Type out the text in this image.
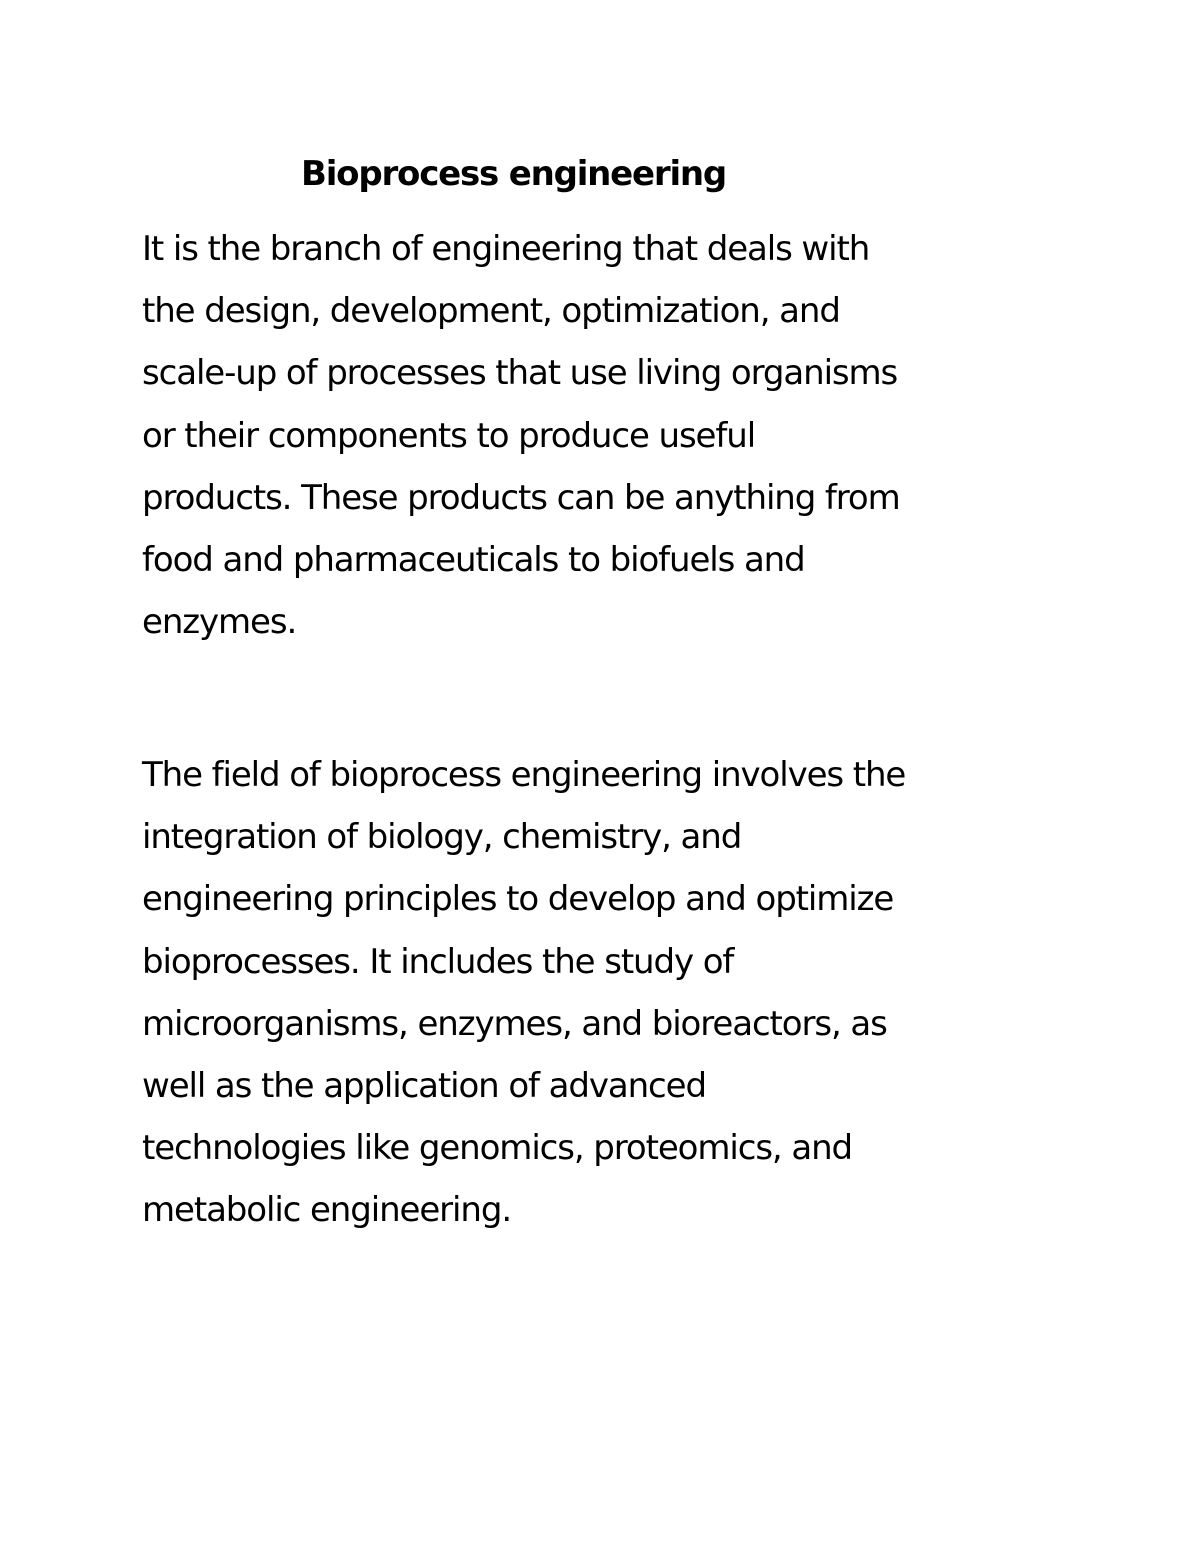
Bioprocess engineering

It is the branch of engineering that deals with
the design, development, optimization, and
scale-up of processes that use living organisms
or their components to produce useful
products. These products can be anything from
food and pharmaceuticals to biofuels and
enzymes.

The field of bioprocess engineering involves the
integration of biology, chemistry, and
engineering principles to develop and optimize
bioprocesses. It includes the study of
microorganisms, enzymes, and bioreactors, as
well as the application of advanced
technologies like genomics, proteomics, and
metabolic engineering.
